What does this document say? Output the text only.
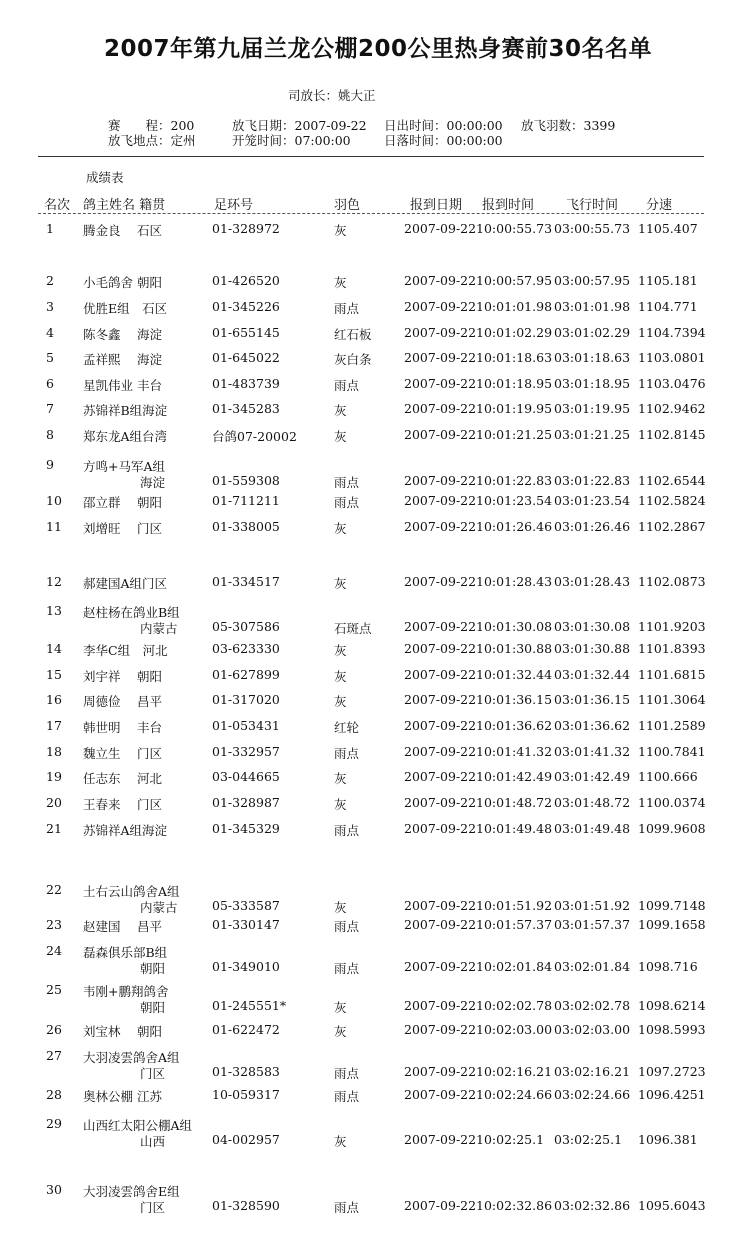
2007年第九届兰龙公棚200公里热身赛前30名名单
司放长：姚大正
赛　　程：200
放飞地点：定州
放飞日期：2007-09-22
开笼时间：07:00:00
日出时间：00:00:00
日落时间：00:00:00
放飞羽数：3399
成绩表
名次 鸽主姓名 籍贯	足环号	羽色	报到日期 报到时间 飞行时间 分速
1 腾金良　 石区	01-328972	灰	2007-09-22 10:00:55.73 03:00:55.73 1105.407
2 小毛鸽舍 朝阳	01-426520	灰	2007-09-22 10:00:57.95 03:00:57.95 1105.181
3 优胜E组　石区	01-345226	雨点	2007-09-22 10:01:01.98 03:01:01.98 1104.771
4 陈冬鑫　 海淀	01-655145	红石板	2007-09-22 10:01:02.29 03:01:02.29 1104.7394
5 孟祥熙　 海淀	01-645022	灰白条	2007-09-22 10:01:18.63 03:01:18.63 1103.0801
6 星凯伟业 丰台	01-483739	雨点	2007-09-22 10:01:18.95 03:01:18.95 1103.0476
7 苏锦祥B组海淀	01-345283	灰	2007-09-22 10:01:19.95 03:01:19.95 1102.9462
8 郑东龙A组台湾	台鸽07-20002	灰	2007-09-22 10:01:21.25 03:01:21.25 1102.8145
9 方鸣+马军A组
海淀	01-559308	雨点	2007-09-22 10:01:22.83 03:01:22.83 1102.6544
10 邵立群　 朝阳	01-711211	雨点	2007-09-22 10:01:23.54 03:01:23.54 1102.5824
11 刘增旺　 门区	01-338005	灰	2007-09-22 10:01:26.46 03:01:26.46 1102.2867
12 郝建国A组门区	01-334517	灰	2007-09-22 10:01:28.43 03:01:28.43 1102.0873
13 赵柱杨在鸽业B组
内蒙古	05-307586	石斑点	2007-09-22 10:01:30.08 03:01:30.08 1101.9203
14 李华C组　河北	03-623330	灰	2007-09-22 10:01:30.88 03:01:30.88 1101.8393
15 刘宇祥　 朝阳	01-627899	灰	2007-09-22 10:01:32.44 03:01:32.44 1101.6815
16 周德俭　 昌平	01-317020	灰	2007-09-22 10:01:36.15 03:01:36.15 1101.3064
17 韩世明　 丰台	01-053431	红轮	2007-09-22 10:01:36.62 03:01:36.62 1101.2589
18 魏立生　 门区	01-332957	雨点	2007-09-22 10:01:41.32 03:01:41.32 1100.7841
19 任志东　 河北	03-044665	灰	2007-09-22 10:01:42.49 03:01:42.49 1100.666
20 王春来　 门区	01-328987	灰	2007-09-22 10:01:48.72 03:01:48.72 1100.0374
21 苏锦祥A组海淀	01-345329	雨点	2007-09-22 10:01:49.48 03:01:49.48 1099.9608
22 土右云山鸽舍A组
内蒙古	05-333587	灰	2007-09-22 10:01:51.92 03:01:51.92 1099.7148
23 赵建国　 昌平	01-330147	雨点	2007-09-22 10:01:57.37 03:01:57.37 1099.1658
24 磊森俱乐部B组
朝阳	01-349010	雨点	2007-09-22 10:02:01.84 03:02:01.84 1098.716
25 韦刚+鹏翔鸽舍
朝阳	01-245551*	灰	2007-09-22 10:02:02.78 03:02:02.78 1098.6214
26 刘宝林　 朝阳	01-622472	灰	2007-09-22 10:02:03.00 03:02:03.00 1098.5993
27 大羽凌雲鸽舍A组
门区	01-328583	雨点	2007-09-22 10:02:16.21 03:02:16.21 1097.2723
28 奥林公棚 江苏	10-059317	雨点	2007-09-22 10:02:24.66 03:02:24.66 1096.4251
29 山西红太阳公棚A组
山西	04-002957	灰	2007-09-22 10:02:25.1 03:02:25.1 1096.381
30 大羽凌雲鸽舍E组
门区	01-328590	雨点	2007-09-22 10:02:32.86 03:02:32.86 1095.6043
